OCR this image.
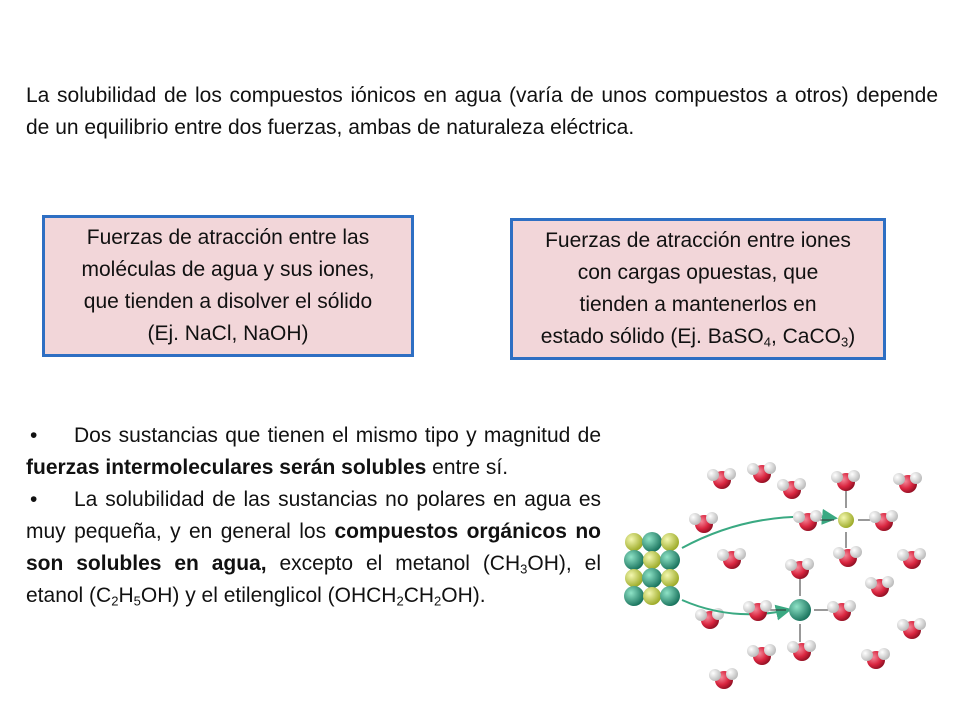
La solubilidad de los compuestos iónicos en agua (varía de unos compuestos a otros) depende de un equilibrio entre dos fuerzas, ambas de naturaleza eléctrica.

Fuerzas de atracción entre las
moléculas de agua y sus iones,
que tienden a disolver el sólido
(Ej. NaCl, NaOH)

Fuerzas de atracción entre iones
con cargas opuestas, que
tienden a mantenerlos en
estado sólido (Ej. BaSO$_4$, CaCO$_3$)

• Dos sustancias que tienen el mismo tipo y magnitud de fuerzas intermoleculares serán solubles entre sí.
• La solubilidad de las sustancias no polares en agua es muy pequeña, y en general los compuestos orgánicos no son solubles en agua, excepto el metanol $(CH_3OH)$, el etanol $(C_2H_5OH)$ y el etilenglicol $(OHCH_2CH_2OH)$.
